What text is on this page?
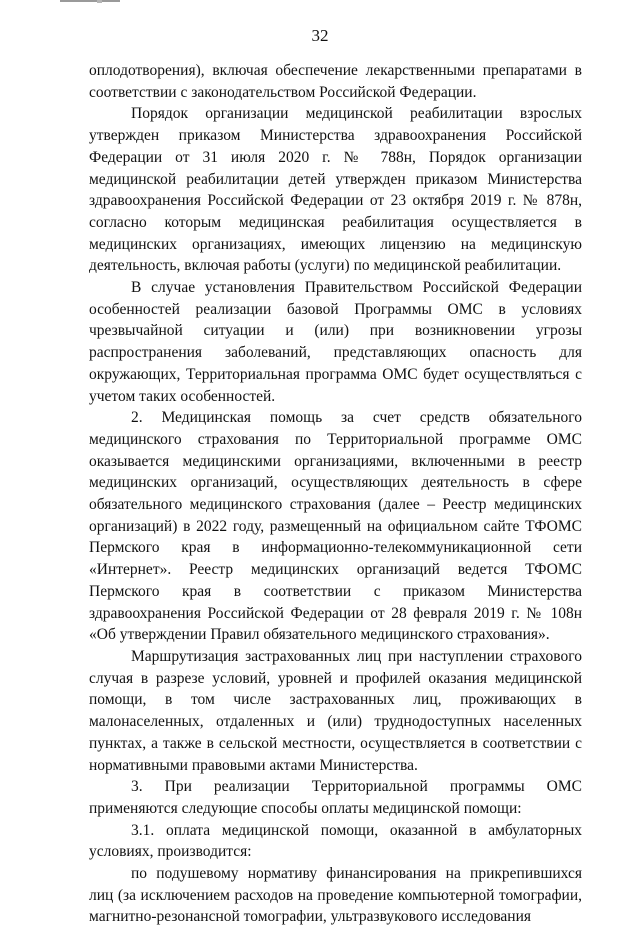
32

оплодотворения), включая обеспечение лекарственными препаратами в соответствии с законодательством Российской Федерации.

Порядок организации медицинской реабилитации взрослых утвержден приказом Министерства здравоохранения Российской Федерации от 31 июля 2020 г. № 788н, Порядок организации медицинской реабилитации детей утвержден приказом Министерства здравоохранения Российской Федерации от 23 октября 2019 г. № 878н, согласно которым медицинская реабилитация осуществляется в медицинских организациях, имеющих лицензию на медицинскую деятельность, включая работы (услуги) по медицинской реабилитации.

В случае установления Правительством Российской Федерации особенностей реализации базовой Программы ОМС в условиях чрезвычайной ситуации и (или) при возникновении угрозы распространения заболеваний, представляющих опасность для окружающих, Территориальная программа ОМС будет осуществляться с учетом таких особенностей.

2. Медицинская помощь за счет средств обязательного медицинского страхования по Территориальной программе ОМС оказывается медицинскими организациями, включенными в реестр медицинских организаций, осуществляющих деятельность в сфере обязательного медицинского страхования (далее – Реестр медицинских организаций) в 2022 году, размещенный на официальном сайте ТФОМС Пермского края в информационно-телекоммуникационной сети «Интернет». Реестр медицинских организаций ведется ТФОМС Пермского края в соответствии с приказом Министерства здравоохранения Российской Федерации от 28 февраля 2019 г. № 108н «Об утверждении Правил обязательного медицинского страхования».

Маршрутизация застрахованных лиц при наступлении страхового случая в разрезе условий, уровней и профилей оказания медицинской помощи, в том числе застрахованных лиц, проживающих в малонаселенных, отдаленных и (или) труднодоступных населенных пунктах, а также в сельской местности, осуществляется в соответствии с нормативными правовыми актами Министерства.

3. При реализации Территориальной программы ОМС применяются следующие способы оплаты медицинской помощи:

3.1. оплата медицинской помощи, оказанной в амбулаторных условиях, производится:

по подушевому нормативу финансирования на прикрепившихся лиц (за исключением расходов на проведение компьютерной томографии, магнитно-резонансной томографии, ультразвукового исследования
